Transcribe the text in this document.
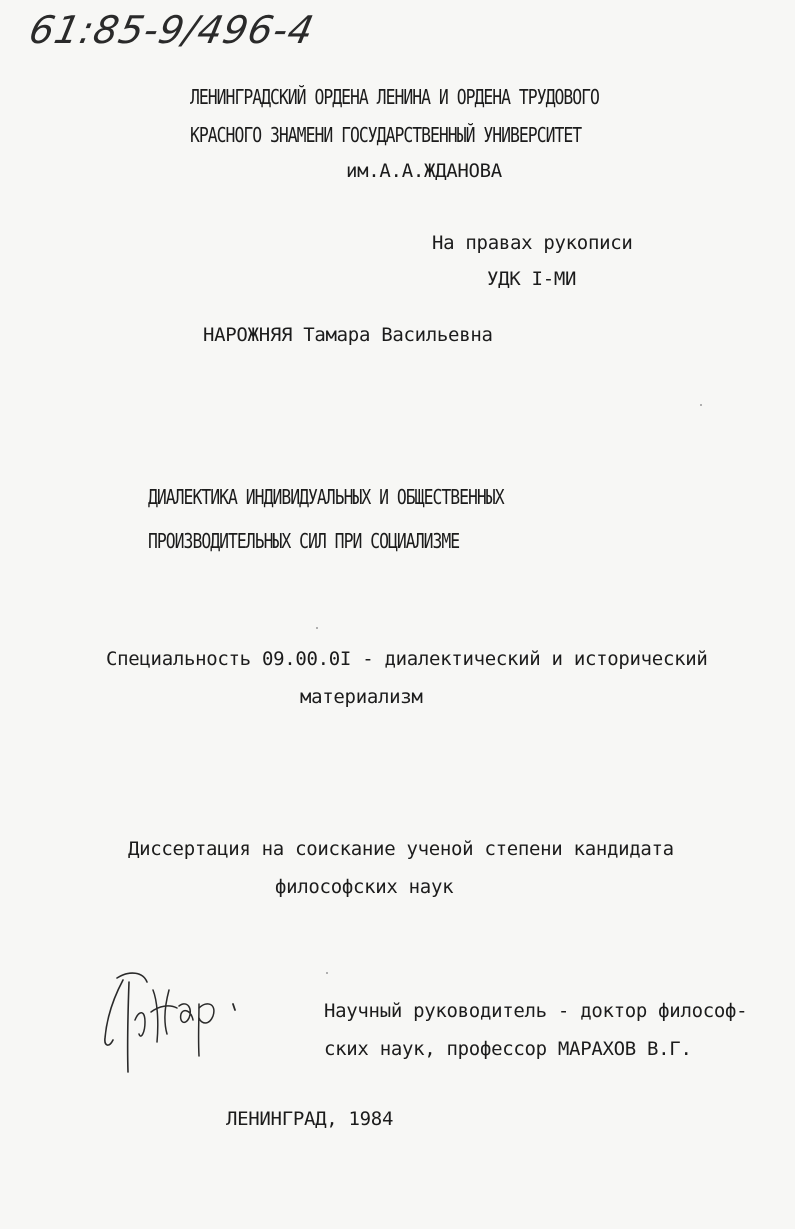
61:85-9/496-4
ЛЕНИНГРАДСКИЙ ОРДЕНА ЛЕНИНА И ОРДЕНА ТРУДОВОГО
КРАСНОГО ЗНАМЕНИ ГОСУДАРСТВЕННЫЙ УНИВЕРСИТЕТ
им.А.А.ЖДАНОВА
На правах рукописи
УДК I-МИ
НАРОЖНЯЯ Тамара Васильевна
ДИАЛЕКТИКА ИНДИВИДУАЛЬНЫХ И ОБЩЕСТВЕННЫХ
ПРОИЗВОДИТЕЛЬНЫХ СИЛ ПРИ СОЦИАЛИЗМЕ
Специальность 09.00.0I - диалектический и исторический
материализм
Диссертация на соискание ученой степени кандидата
философских наук
Научный руководитель - доктор философ-
ских наук, профессор МАРАХОВ В.Г.
ЛЕНИНГРАД, 1984
